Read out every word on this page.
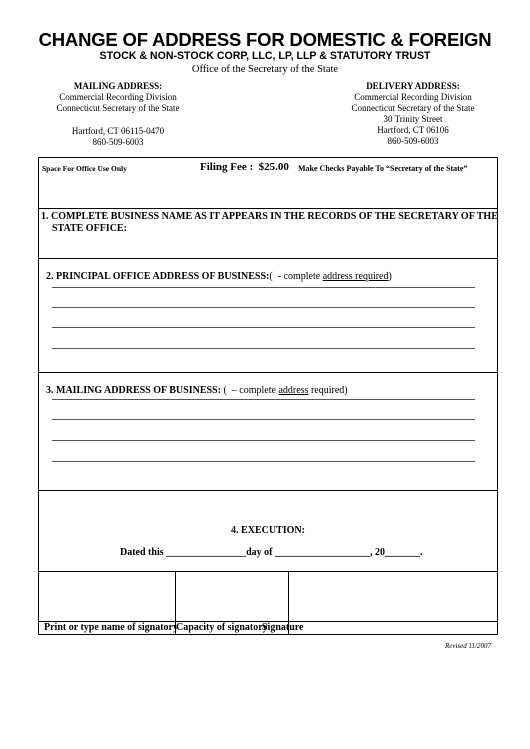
CHANGE OF ADDRESS FOR DOMESTIC & FOREIGN
STOCK & NON-STOCK CORP, LLC, LP, LLP & STATUTORY TRUST
Office of the Secretary of the State
MAILING ADDRESS:
Commercial Recording Division
Connecticut Secretary of the State
Hartford, CT 06115-0470
860-509-6003
DELIVERY ADDRESS:
Commercial Recording Division
Connecticut Secretary of the State
30 Trinity Street
Hartford, CT 06106
860-509-6003
Space For Office Use Only	Filing Fee :  $25.00 Make Checks Payable To “Secretary of the State”
1. COMPLETE BUSINESS NAME AS IT APPEARS IN THE RECORDS OF THE SECRETARY OF THE
STATE OFFICE:

2. PRINCIPAL OFFICE ADDRESS OF BUSINESS:(  - complete address required)

3. MAILING ADDRESS OF BUSINESS: (  – complete address required)

4. EXECUTION:
Dated this ________________day of ___________________, 20_______.
Print or type name of signatory
Capacity of signatory
Signature
Revised 11/2007
